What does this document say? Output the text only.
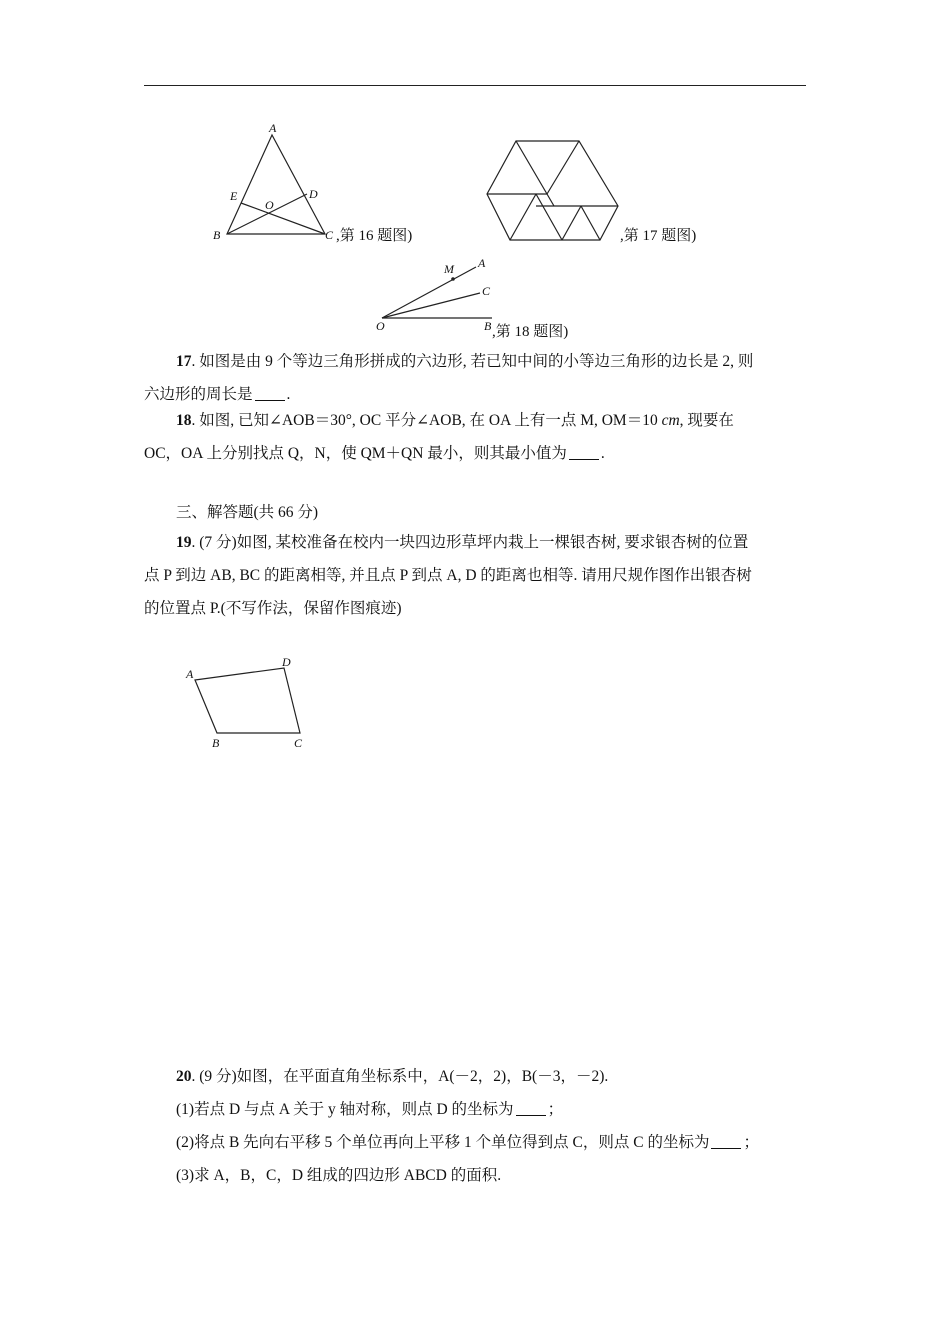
A
E	D
O
B	C ,第 16 题图)	,第 17 题图)
M A
C
O	B ,第 18 题图)
17. 如图是由 9 个等边三角形拼成的六边形, 若已知中间的小等边三角形的边长是 2, 则
六边形的周长是 .
18. 如图, 已知∠AOB＝30°, OC 平分∠AOB, 在 OA 上有一点 M, OM＝10 cm, 现要在
OC，OA 上分别找点 Q，N，使 QM＋QN 最小，则其最小值为 .
三、解答题(共 66 分)
19. (7 分)如图, 某校准备在校内一块四边形草坪内栽上一棵银杏树, 要求银杏树的位置
点 P 到边 AB, BC 的距离相等, 并且点 P 到点 A, D 的距离也相等. 请用尺规作图作出银杏树
的位置点 P.(不写作法，保留作图痕迹)
A
D
B	C
20. (9 分)如图，在平面直角坐标系中，A(－2，2)，B(－3，－2).
(1)若点 D 与点 A 关于 y 轴对称，则点 D 的坐标为 ；
(2)将点 B 先向右平移 5 个单位再向上平移 1 个单位得到点 C，则点 C 的坐标为 ；
(3)求 A，B，C，D 组成的四边形 ABCD 的面积.
